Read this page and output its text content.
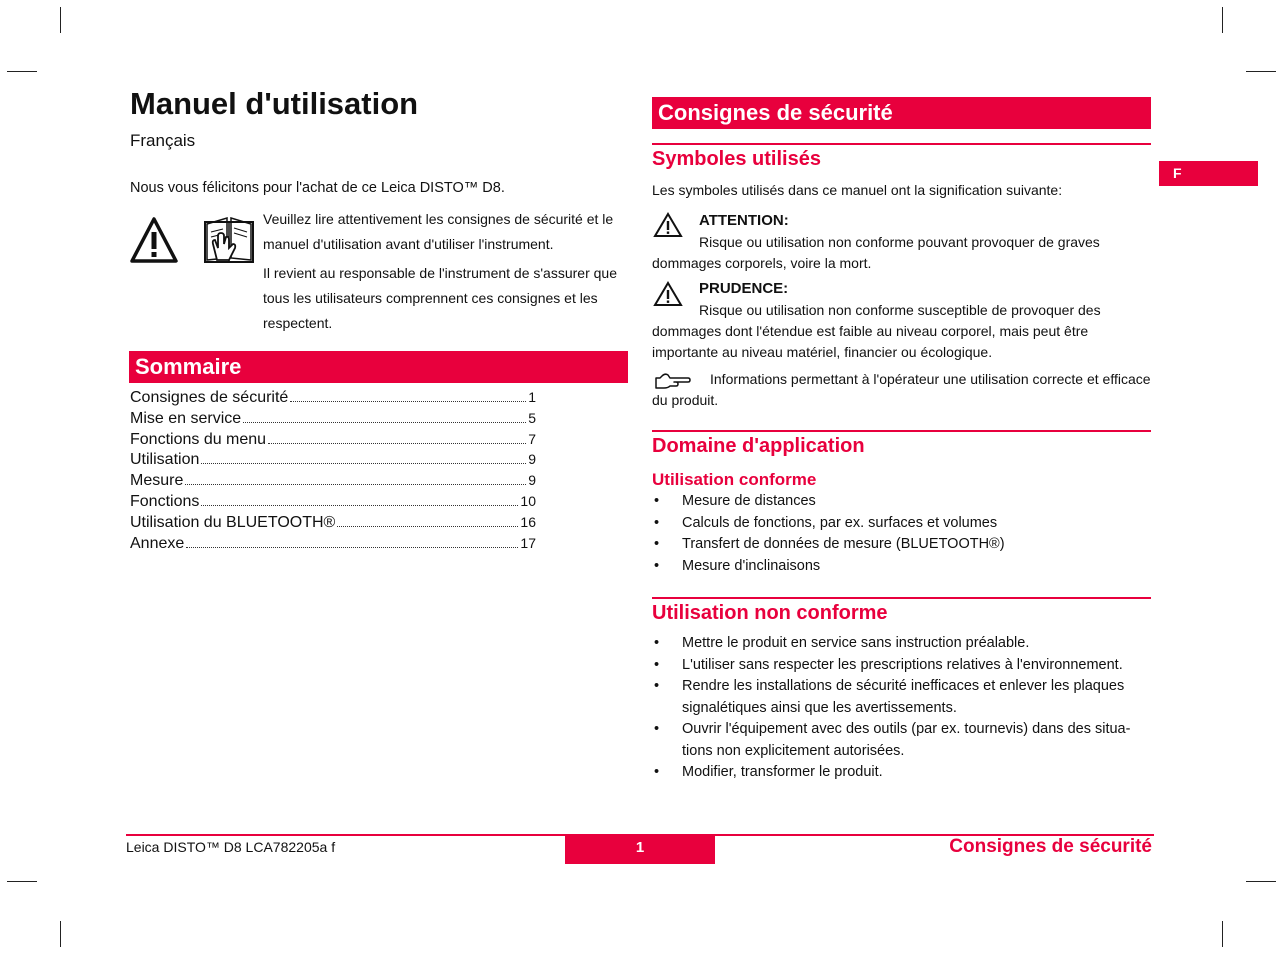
Manuel d'utilisation
Français
Nous vous félicitons pour l'achat de ce Leica DISTO™ D8.

Veuillez lire attentivement les consignes de sécurité et le manuel d'utilisation avant d'utiliser l'instrument.

Il revient au responsable de l'instrument de s'assurer que tous les utilisateurs comprennent ces consignes et les respectent.

Sommaire
Consignes de sécurité	1
Mise en service	5
Fonctions du menu	7
Utilisation	9
Mesure	9
Fonctions	10
Utilisation du BLUETOOTH®	16
Annexe	17
Consignes de sécurité
Symboles utilisés
Les symboles utilisés dans ce manuel ont la signification suivante:
ATTENTION:
Risque ou utilisation non conforme pouvant provoquer de graves dommages corporels, voire la mort.
PRUDENCE:
Risque ou utilisation non conforme susceptible de provoquer des dommages dont l'étendue est faible au niveau corporel, mais peut être importante au niveau matériel, financier ou écologique.
Informations permettant à l'opérateur une utilisation correcte et efficace du produit.
Domaine d'application
Utilisation conforme
• Mesure de distances
• Calculs de fonctions, par ex. surfaces et volumes
• Transfert de données de mesure (BLUETOOTH®)
• Mesure d'inclinaisons
Utilisation non conforme
• Mettre le produit en service sans instruction préalable.
• L'utiliser sans respecter les prescriptions relatives à l'environnement.
• Rendre les installations de sécurité inefficaces et enlever les plaques signalétiques ainsi que les avertissements.
• Ouvrir l'équipement avec des outils (par ex. tournevis) dans des situa-tions non explicitement autorisées.
• Modifier, transformer le produit.
F
Leica DISTO™ D8 LCA782205a f	1	Consignes de sécurité
